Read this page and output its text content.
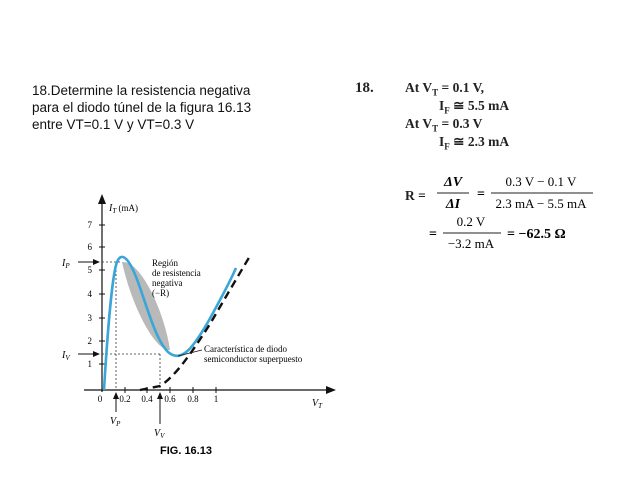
18.Determine la resistencia negativa
para el diodo túnel de la figura 16.13
entre VT=0.1 V y VT=0.3 V
18. At $V_T = 0.1$ V,
$I_F$ ≅ 5.5 mA
At $V_T = 0.3$ V
$I_F$ ≅ 2.3 mA
R =
ΔV
ΔI
=
0.3 V − 0.1 V
2.3 mA − 5.5 mA
=
0.2 V
−3.2 mA
= −62.5 Ω
$I_T$ (mA)
7
6
5
4
3
2
1
0 0.2 0.4 0.6 0.8 1	$V_T$
$I_P$
$I_V$
$V_P$
$V_V$
Región
de resistencia
negativa
(−R)
Característica de diodo
semiconductor superpuesto
FIG. 16.13
